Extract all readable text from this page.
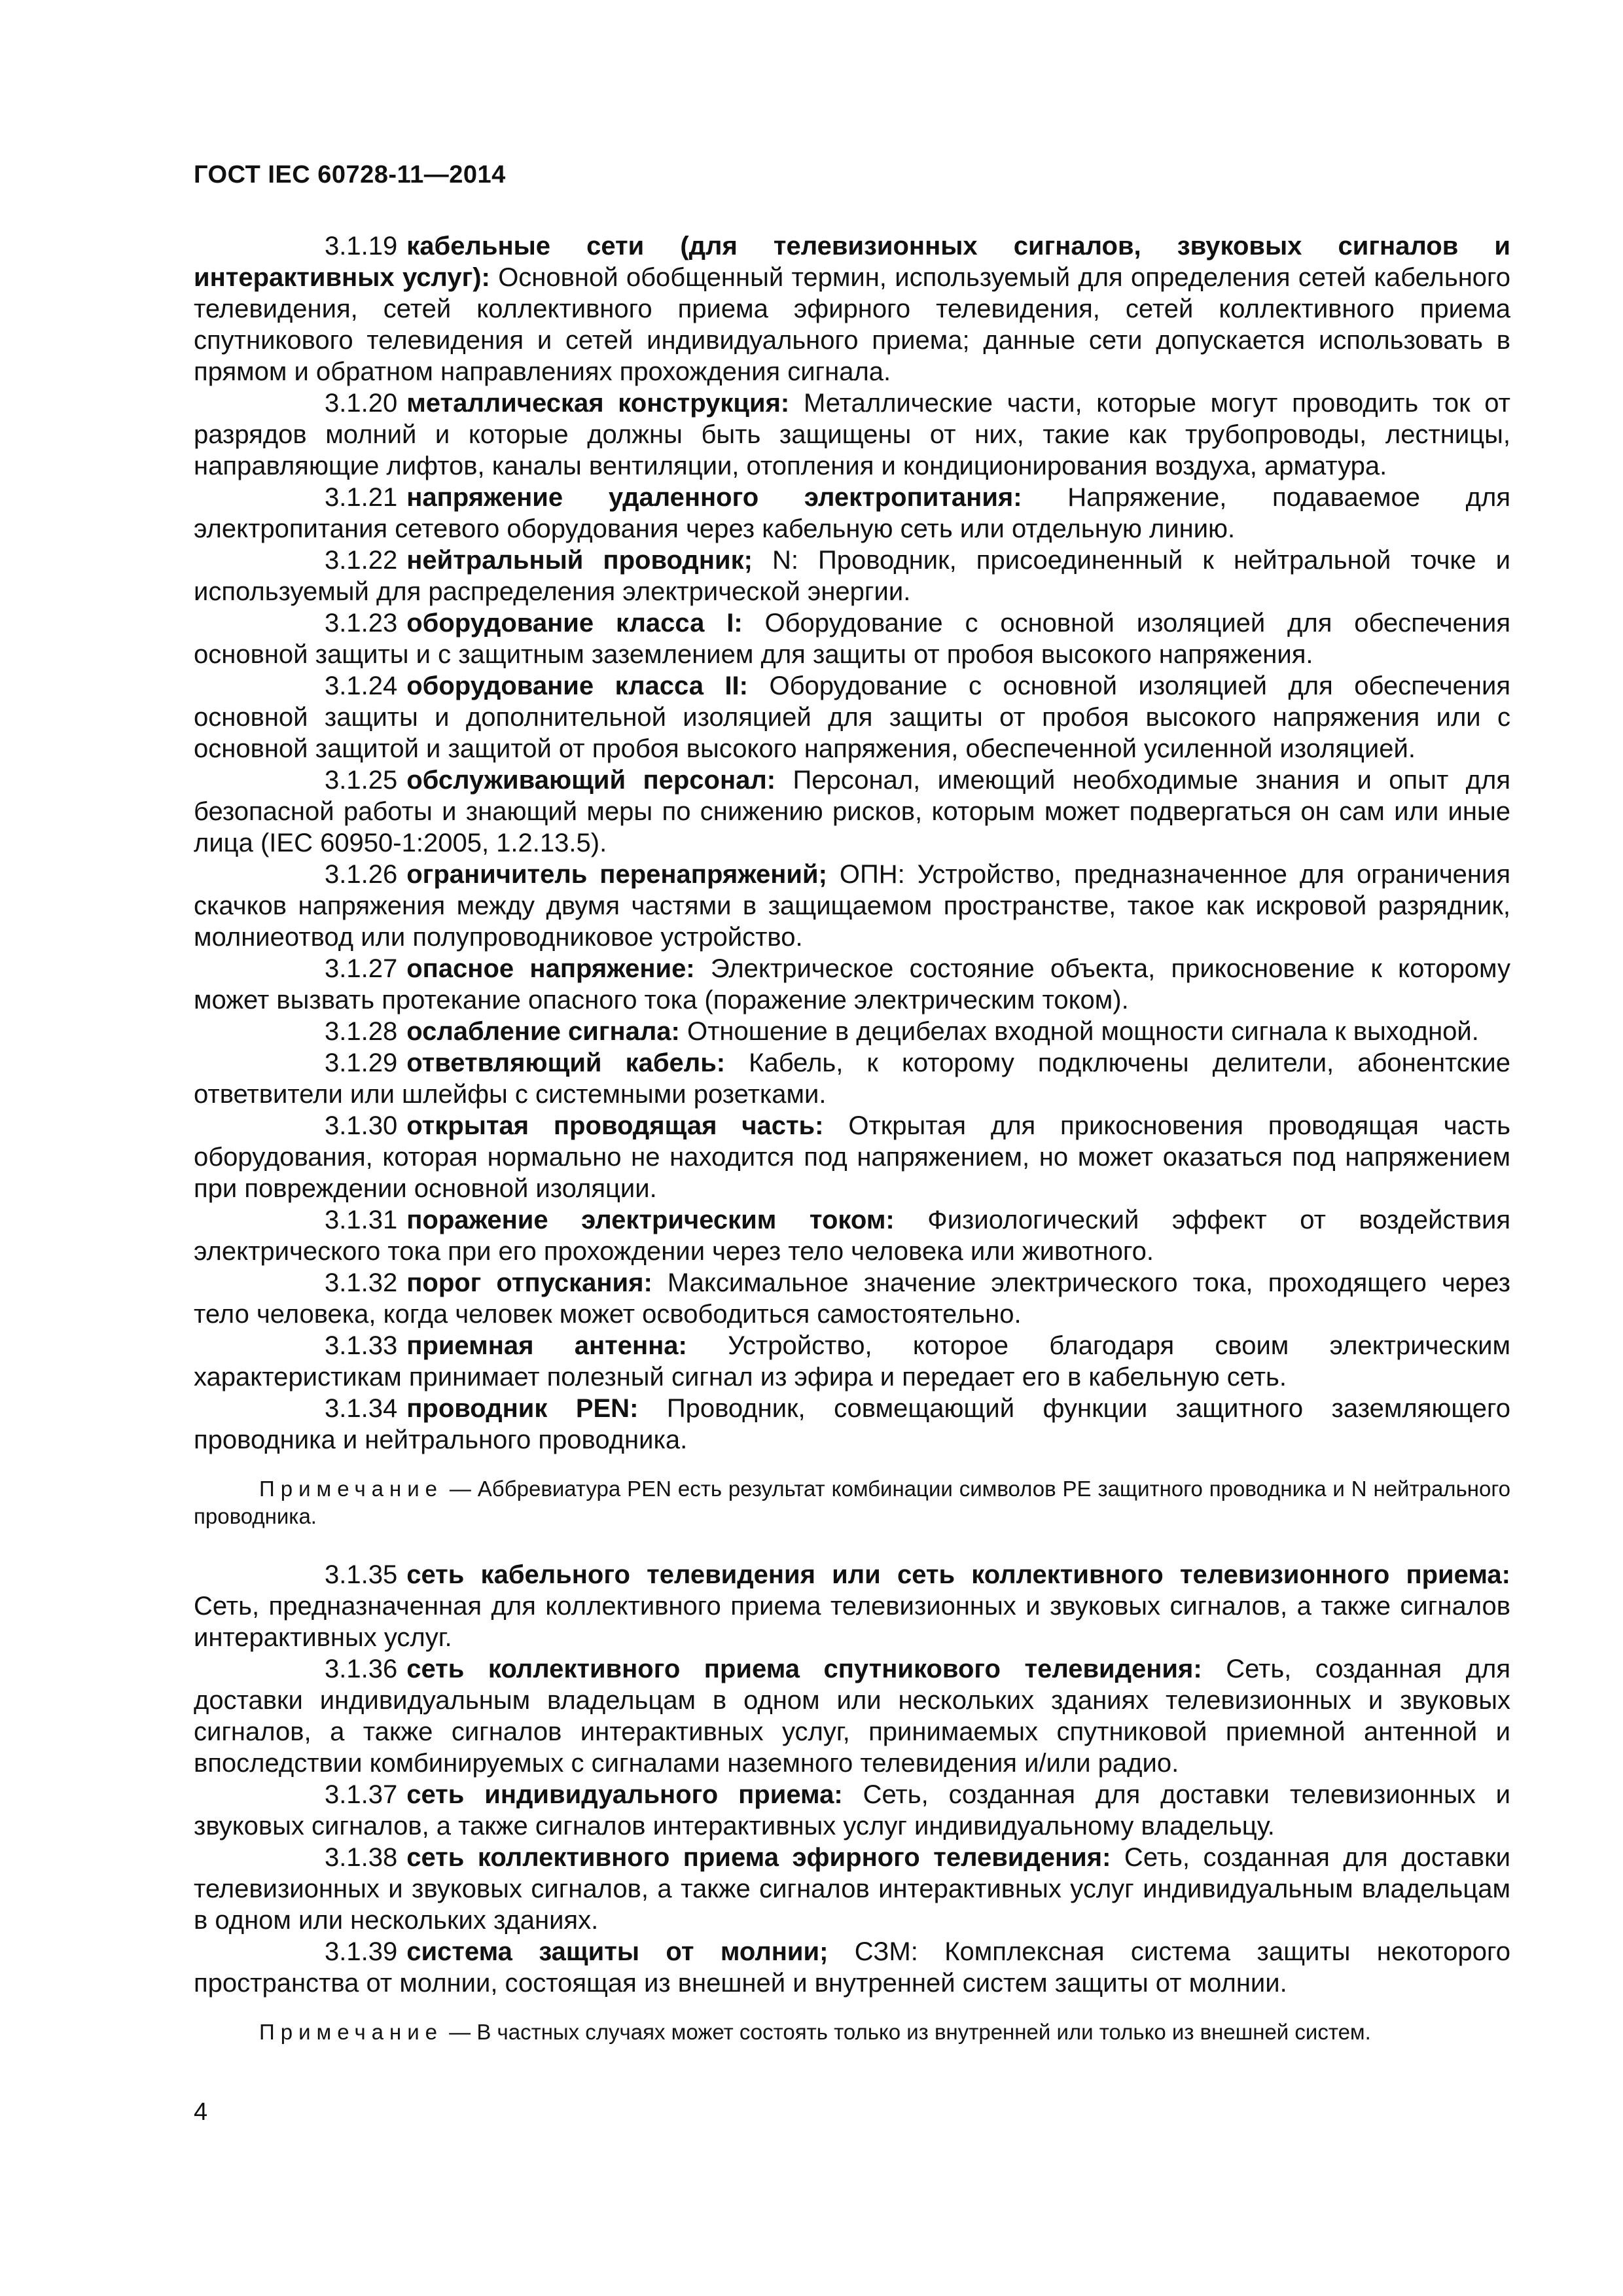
ГОСТ IEC 60728-11—2014

3.1.19 кабельные сети (для телевизионных сигналов, звуковых сигналов и интерактивных услуг): Основной обобщенный термин, используемый для определения сетей кабельного телевидения, сетей коллективного приема эфирного телевидения, сетей коллективного приема спутникового телевидения и сетей индивидуального приема; данные сети допускается использовать в прямом и обратном направлениях прохождения сигнала.

3.1.20 металлическая конструкция: Металлические части, которые могут проводить ток от разрядов молний и которые должны быть защищены от них, такие как трубопроводы, лестницы, направляющие лифтов, каналы вентиляции, отопления и кондиционирования воздуха, арматура.

3.1.21 напряжение удаленного электропитания: Напряжение, подаваемое для электропитания сетевого оборудования через кабельную сеть или отдельную линию.

3.1.22 нейтральный проводник; N: Проводник, присоединенный к нейтральной точке и используемый для распределения электрической энергии.

3.1.23 оборудование класса I: Оборудование с основной изоляцией для обеспечения основной защиты и с защитным заземлением для защиты от пробоя высокого напряжения.

3.1.24 оборудование класса II: Оборудование с основной изоляцией для обеспечения основной защиты и дополнительной изоляцией для защиты от пробоя высокого напряжения или с основной защитой и защитой от пробоя высокого напряжения, обеспеченной усиленной изоляцией.

3.1.25 обслуживающий персонал: Персонал, имеющий необходимые знания и опыт для безопасной работы и знающий меры по снижению рисков, которым может подвергаться он сам или иные лица (IEC 60950-1:2005, 1.2.13.5).

3.1.26 ограничитель перенапряжений; ОПН: Устройство, предназначенное для ограничения скачков напряжения между двумя частями в защищаемом пространстве, такое как искровой разрядник, молниеотвод или полупроводниковое устройство.

3.1.27 опасное напряжение: Электрическое состояние объекта, прикосновение к которому может вызвать протекание опасного тока (поражение электрическим током).

3.1.28 ослабление сигнала: Отношение в децибелах входной мощности сигнала к выходной.

3.1.29 ответвляющий кабель: Кабель, к которому подключены делители, абонентские ответвители или шлейфы с системными розетками.

3.1.30 открытая проводящая часть: Открытая для прикосновения проводящая часть оборудования, которая нормально не находится под напряжением, но может оказаться под напряжением при повреждении основной изоляции.

3.1.31 поражение электрическим током: Физиологический эффект от воздействия электрического тока при его прохождении через тело человека или животного.

3.1.32 порог отпускания: Максимальное значение электрического тока, проходящего через тело человека, когда человек может освободиться самостоятельно.

3.1.33 приемная антенна: Устройство, которое благодаря своим электрическим характеристикам принимает полезный сигнал из эфира и передает его в кабельную сеть.

3.1.34 проводник PEN: Проводник, совмещающий функции защитного заземляющего проводника и нейтрального проводника.

Примечание — Аббревиатура PEN есть результат комбинации символов PE защитного проводника и N нейтрального проводника.

3.1.35 сеть кабельного телевидения или сеть коллективного телевизионного приема: Сеть, предназначенная для коллективного приема телевизионных и звуковых сигналов, а также сигналов интерактивных услуг.

3.1.36 сеть коллективного приема спутникового телевидения: Сеть, созданная для доставки индивидуальным владельцам в одном или нескольких зданиях телевизионных и звуковых сигналов, а также сигналов интерактивных услуг, принимаемых спутниковой приемной антенной и впоследствии комбинируемых с сигналами наземного телевидения и/или радио.

3.1.37 сеть индивидуального приема: Сеть, созданная для доставки телевизионных и звуковых сигналов, а также сигналов интерактивных услуг индивидуальному владельцу.

3.1.38 сеть коллективного приема эфирного телевидения: Сеть, созданная для доставки телевизионных и звуковых сигналов, а также сигналов интерактивных услуг индивидуальным владельцам в одном или нескольких зданиях.

3.1.39 система защиты от молнии; СЗМ: Комплексная система защиты некоторого пространства от молнии, состоящая из внешней и внутренней систем защиты от молнии.

Примечание — В частных случаях может состоять только из внутренней или только из внешней систем.

4
